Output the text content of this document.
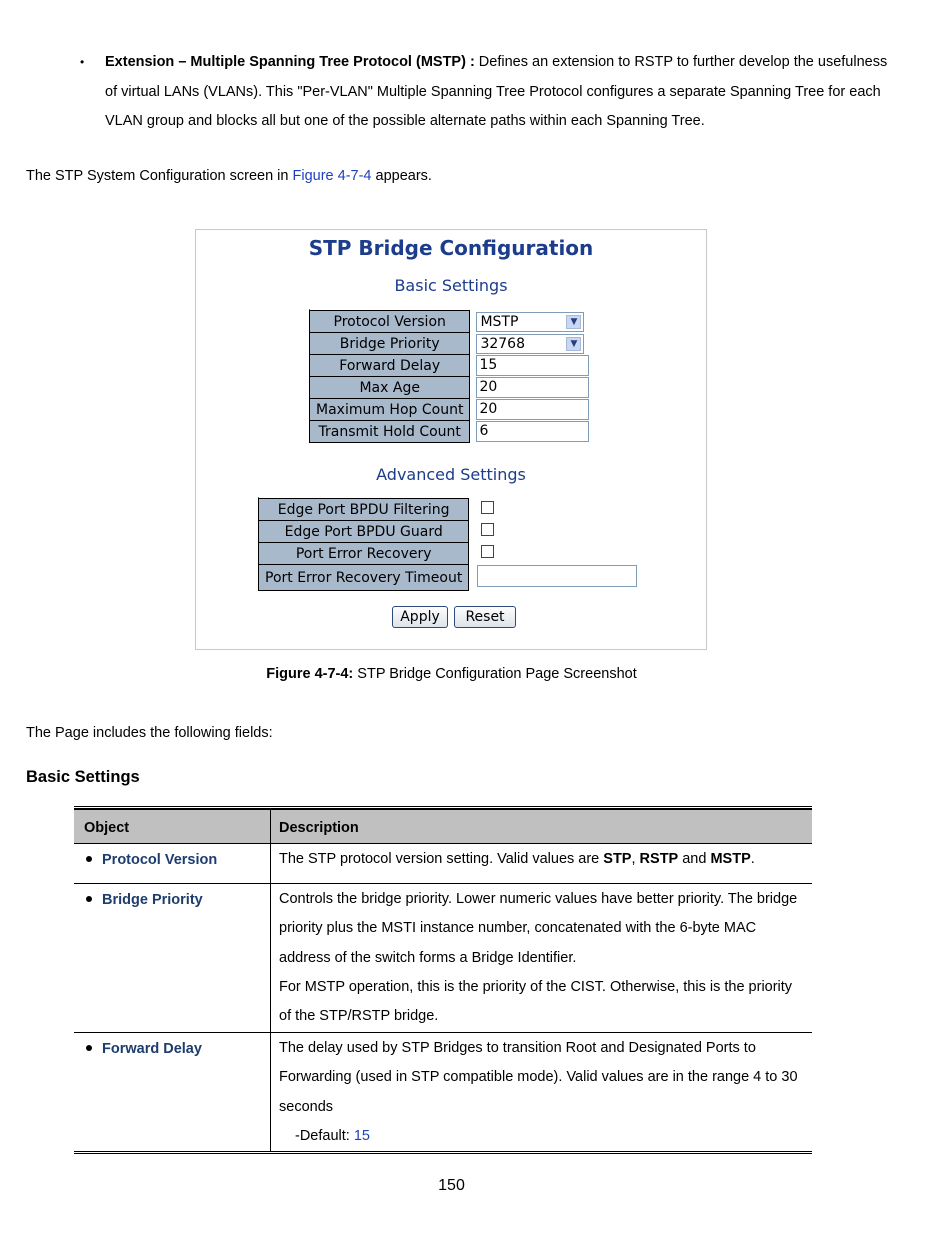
• Extension – Multiple Spanning Tree Protocol (MSTP) : Defines an extension to RSTP to further develop the usefulness of virtual LANs (VLANs). This "Per-VLAN" Multiple Spanning Tree Protocol configures a separate Spanning Tree for each VLAN group and blocks all but one of the possible alternate paths within each Spanning Tree.
The STP System Configuration screen in Figure 4-7-4 appears.
STP Bridge Configuration
Basic Settings
Protocol Version	MSTP ▼

Bridge Priority	32768 ▼

Forward Delay	15
Max Age	20
Maximum Hop Count	20
Transmit Hold Count	6
Advanced Settings
Edge Port BPDU Filtering	
Edge Port BPDU Guard	
Port Error Recovery	
Port Error Recovery Timeout	
Apply	Reset
Figure 4-7-4: STP Bridge Configuration Page Screenshot
The Page includes the following fields:
Basic Settings
Object	Description
Protocol Version	The STP protocol version setting. Valid values are STP, RSTP and MSTP.
Bridge Priority	Controls the bridge priority. Lower numeric values have better priority. The bridge priority plus the MSTI instance number, concatenated with the 6-byte MAC address of the switch forms a Bridge Identifier.
For MSTP operation, this is the priority of the CIST. Otherwise, this is the priority of the STP/RSTP bridge.
Forward Delay	The delay used by STP Bridges to transition Root and Designated Ports to Forwarding (used in STP compatible mode). Valid values are in the range 4 to 30 seconds
-Default: 15
150
